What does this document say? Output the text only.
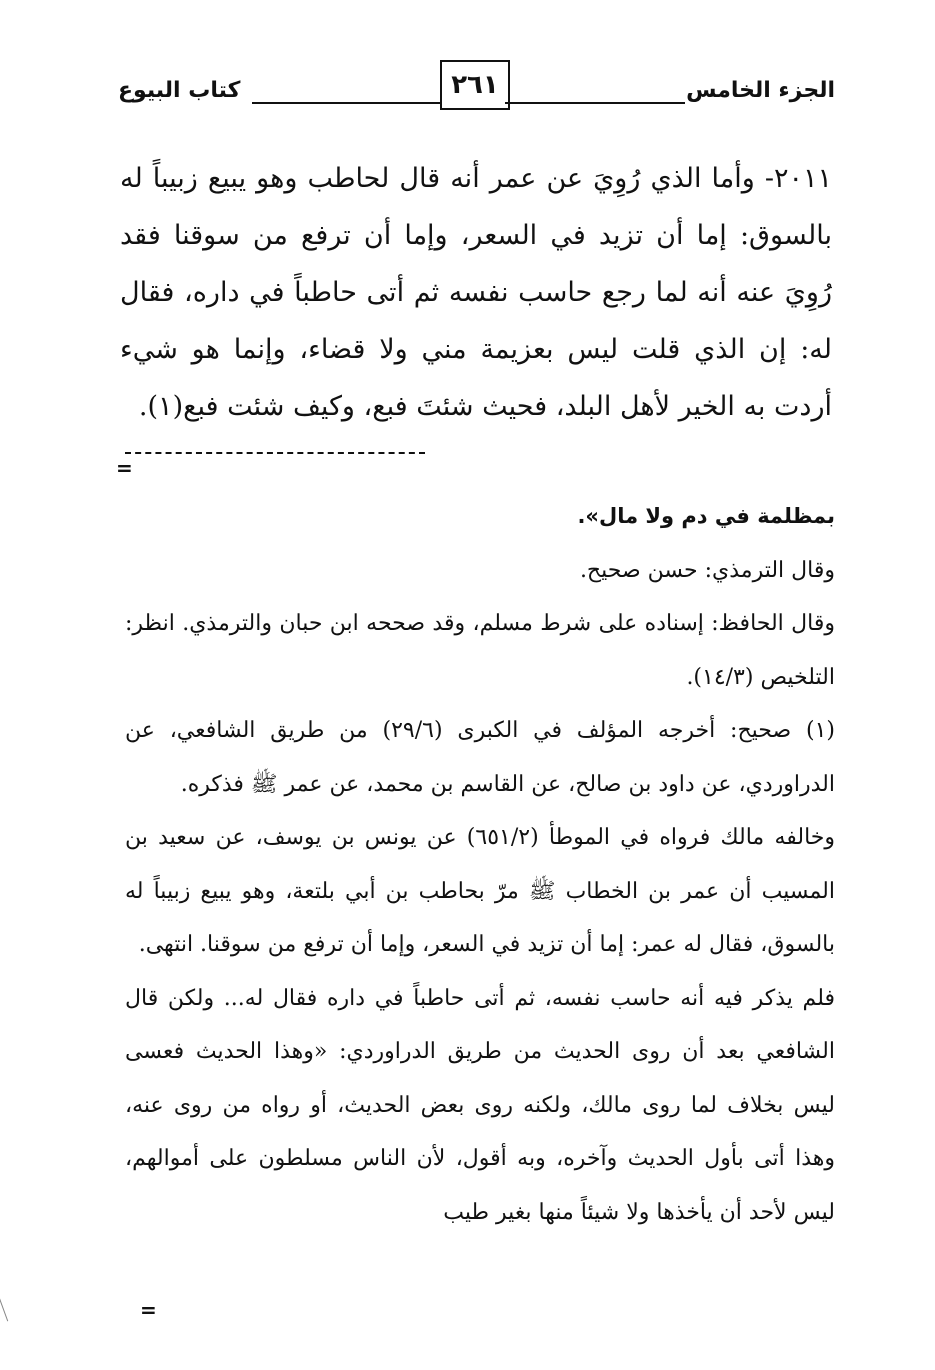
الجزء الخامس
٢٦١
كتاب البيوع

٢٠١١- وأما الذي رُوِيَ عن عمر أنه قال لحاطب وهو يبيع زبيباً له بالسوق: إما أن تزيد في السعر، وإما أن ترفع من سوقنا فقد رُوِيَ عنه أنه لما رجع حاسب نفسه ثم أتى حاطباً في داره، فقال له: إن الذي قلت ليس بعزيمة مني ولا قضاء، وإنما هو شيء أردت به الخير لأهل البلد، فحيث شئتَ فبع، وكيف شئت فبع(١).

=

بمظلمة في دم ولا مال».

وقال الترمذي: حسن صحيح.

وقال الحافظ: إسناده على شرط مسلم، وقد صححه ابن حبان والترمذي. انظر: التلخيص (١٤/٣).

(١) صحيح: أخرجه المؤلف في الكبرى (٢٩/٦) من طريق الشافعي، عن الدراوردي، عن داود بن صالح، عن القاسم بن محمد، عن عمر ﷺ فذكره.

وخالفه مالك فرواه في الموطأ (٦٥١/٢) عن يونس بن يوسف، عن سعيد بن المسيب أن عمر بن الخطاب ﷺ مرّ بحاطب بن أبي بلتعة، وهو يبيع زبيباً له بالسوق، فقال له عمر: إما أن تزيد في السعر، وإما أن ترفع من سوقنا. انتهى.

فلم يذكر فيه أنه حاسب نفسه، ثم أتى حاطباً في داره فقال له... ولكن قال الشافعي بعد أن روى الحديث من طريق الدراوردي: «وهذا الحديث فعسى ليس بخلاف لما روى مالك، ولكنه روى بعض الحديث، أو رواه من روى عنه، وهذا أتى بأول الحديث وآخره، وبه أقول، لأن الناس مسلطون على أموالهم، ليس لأحد أن يأخذها ولا شيئاً منها بغير طيب

=
